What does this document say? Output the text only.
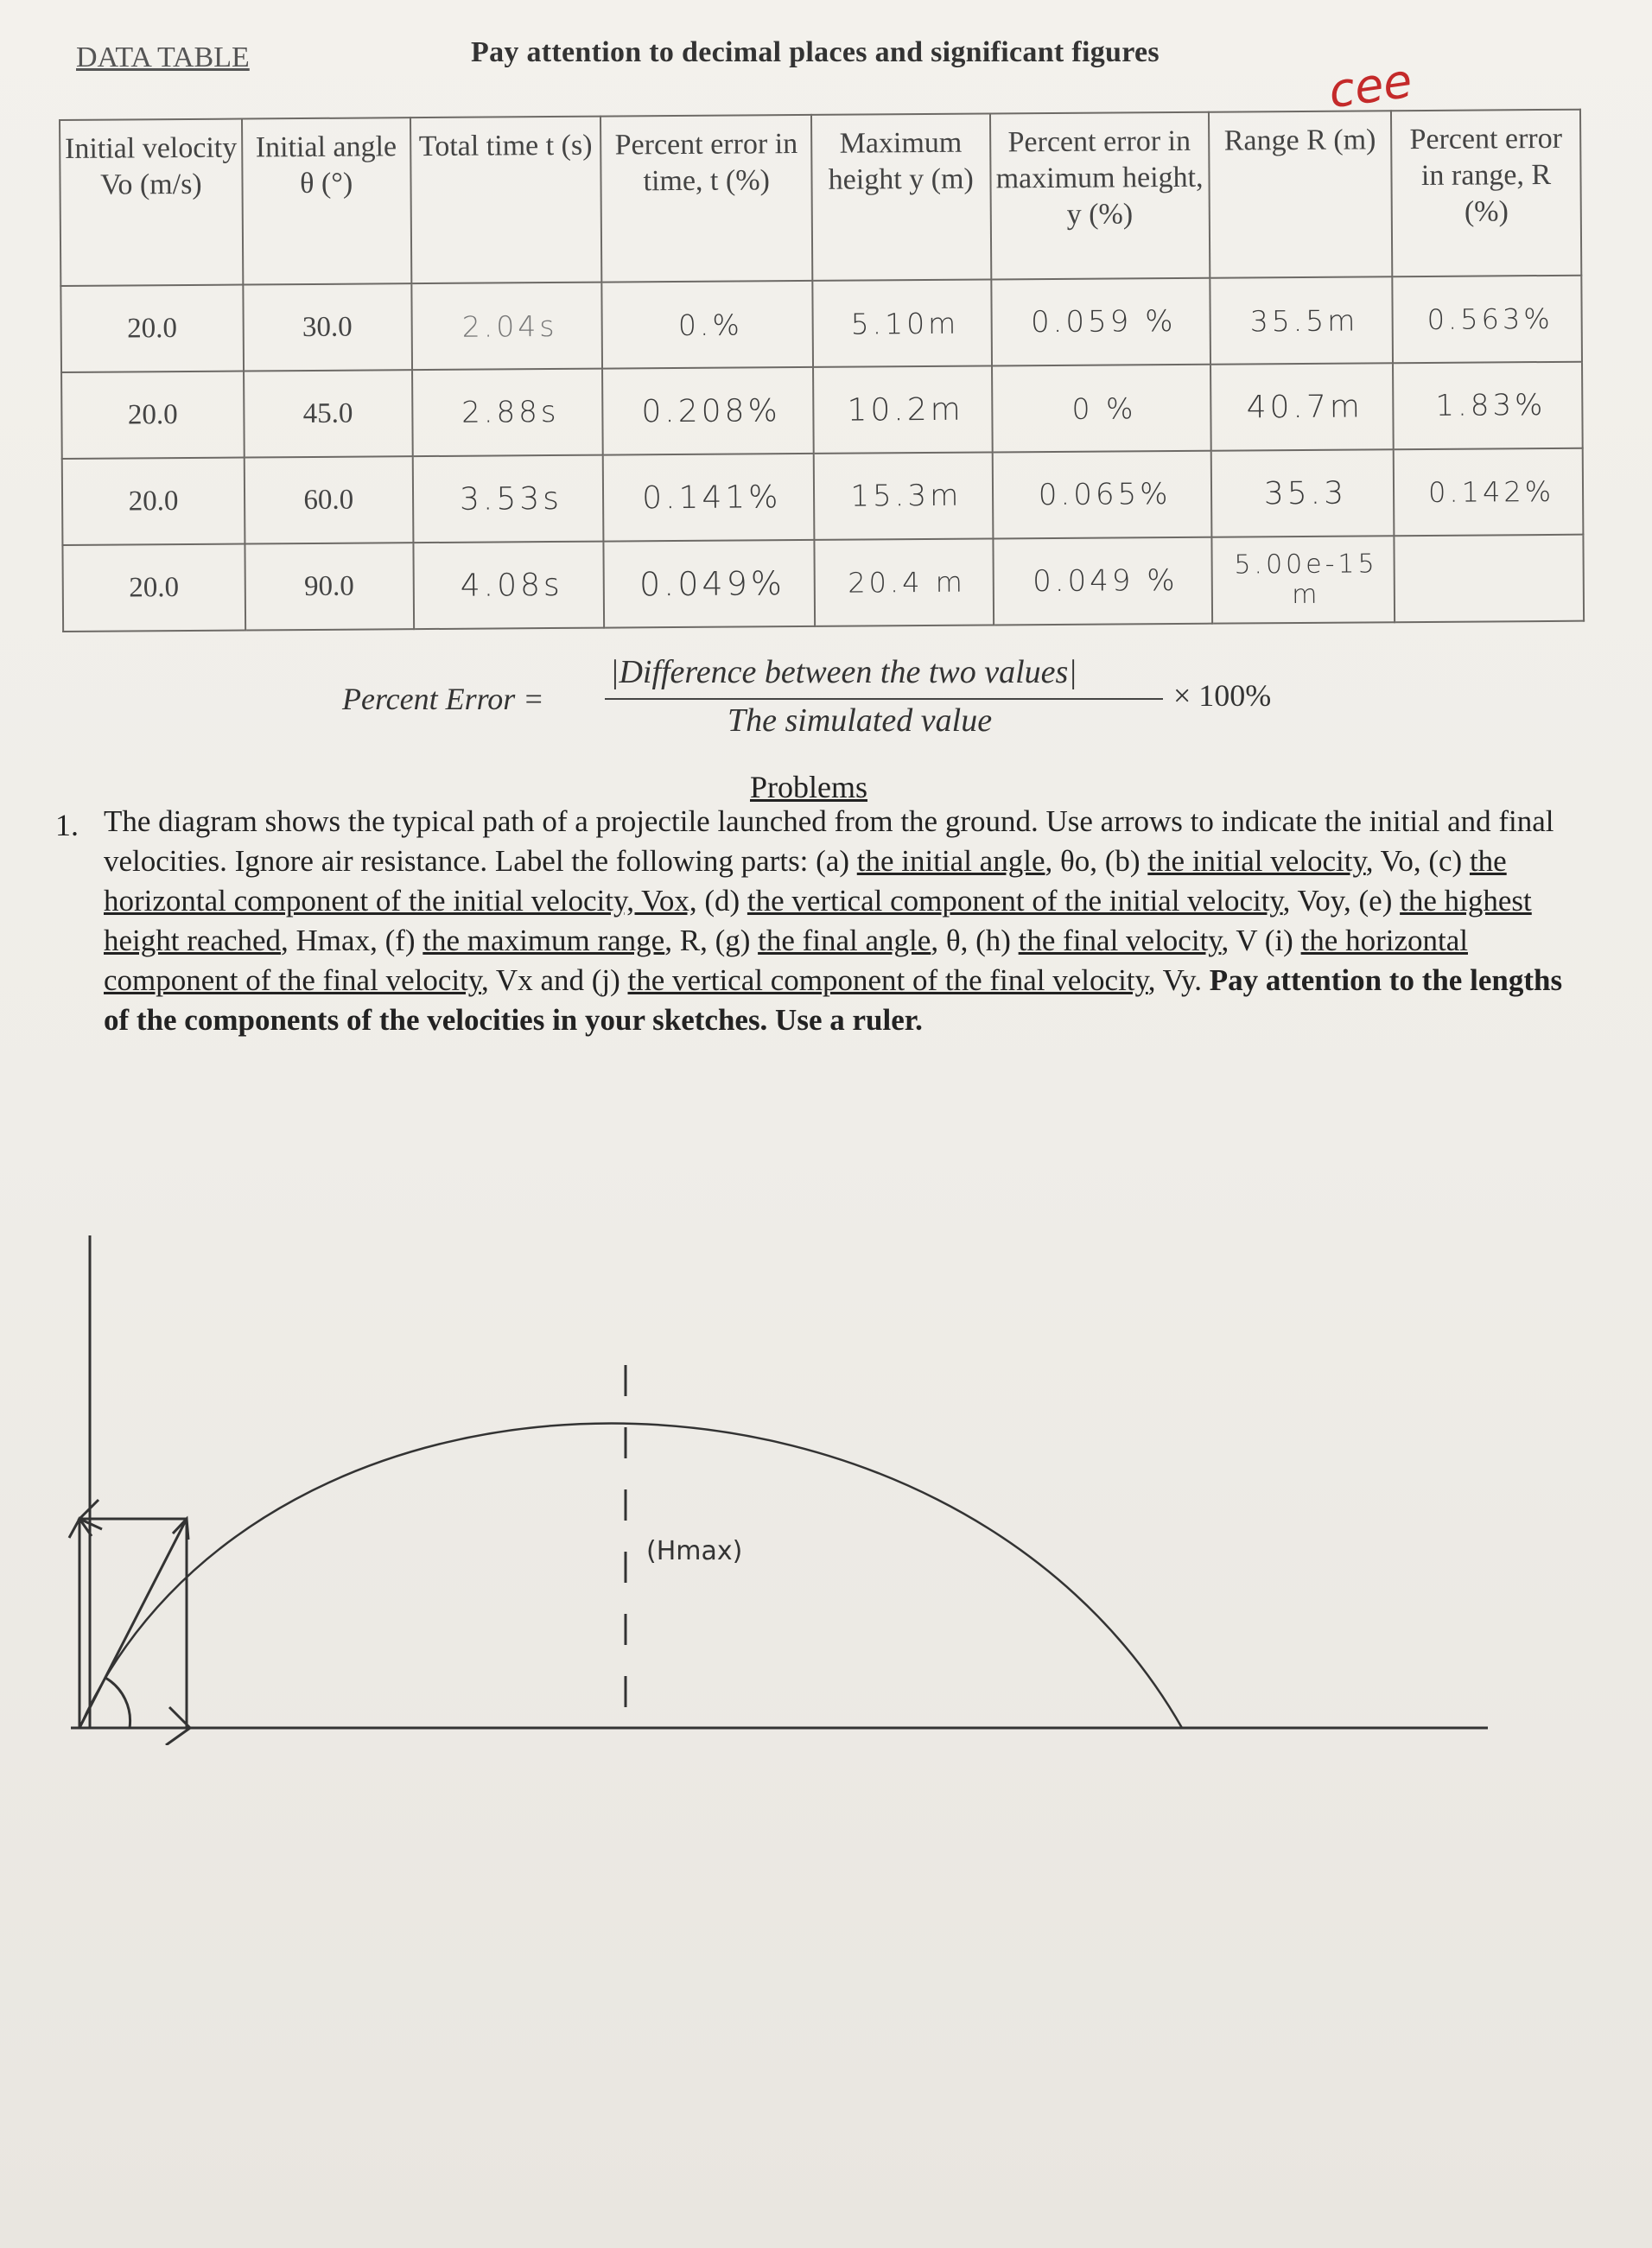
DATA TABLE	Pay attention to decimal places and significant figures
cee
Initial velocity Vo (m/s)	Initial angle θ (°)	Total time t (s)	Percent error in time, t (%)	Maximum height y (m)	Percent error in maximum height, y (%)	Range R (m)	Percent error in range, R (%)
20.0	30.0	2.04s	0.%	5.10m	0.059 %	35.5m	0.563%
20.0	45.0	2.88s	0.208%	10.2m	0 %	40.7m	1.83%
20.0	60.0	3.53s	0.141%	15.3m	0.065%	35.3	0.142%
20.0	90.0	4.08s	0.049%	20.4 m	0.049 %	5.00e-15 m	
Percent Error =
|Difference between the two values|
The simulated value
× 100%
Problems
1. The diagram shows the typical path of a projectile launched from the ground. Use arrows to indicate the initial and final velocities. Ignore air resistance. Label the following parts: (a) the initial angle, θo, (b) the initial velocity, Vo, (c) the horizontal component of the initial velocity, Vox, (d) the vertical component of the initial velocity, Voy, (e) the highest height reached, Hmax, (f) the maximum range, R, (g) the final angle, θ, (h) the final velocity, V (i) the horizontal component of the final velocity, Vx and (j) the vertical component of the final velocity, Vy. Pay attention to the lengths of the components of the velocities in your sketches. Use a ruler.

(Hmax)
